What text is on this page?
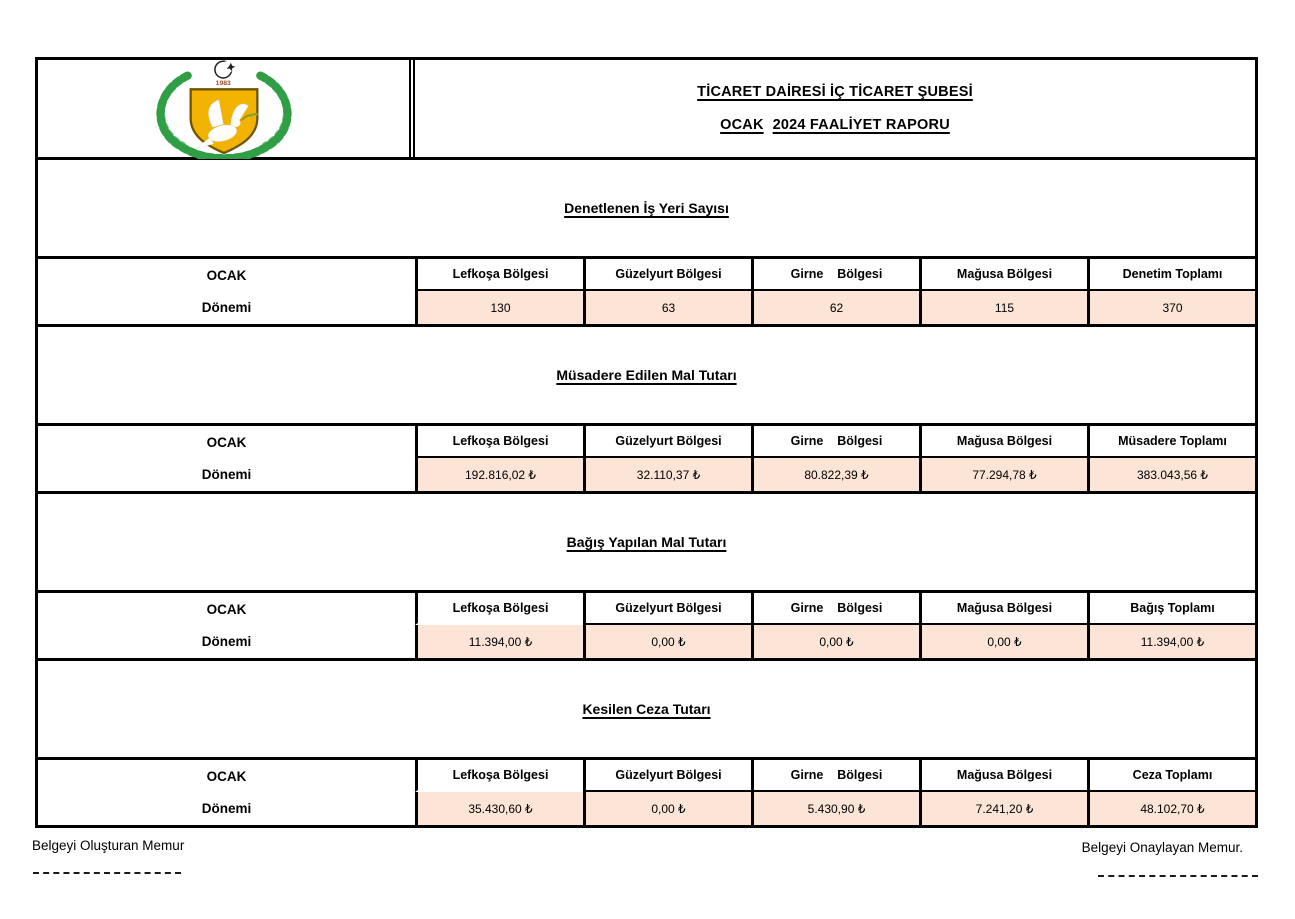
1983
TİCARET DAİRESİ İÇ TİCARET ŞUBESİ
OCAK 2024 FAALİYET RAPORU
Denetlenen İş Yeri Sayısı
OCAK
Dönemi
Lefkoşa Bölgesi	Güzelyurt Bölgesi	Girne    Bölgesi	Mağusa Bölgesi	Denetim Toplamı
130	63	62	115	370
Müsadere Edilen Mal Tutarı
OCAK
Dönemi
Lefkoşa Bölgesi	Güzelyurt Bölgesi	Girne    Bölgesi	Mağusa Bölgesi	Müsadere Toplamı
192.816,02 ₺	32.110,37 ₺	80.822,39 ₺	77.294,78 ₺	383.043,56 ₺
Bağış Yapılan Mal Tutarı
OCAK
Dönemi
Lefkoşa Bölgesi	Güzelyurt Bölgesi	Girne    Bölgesi	Mağusa Bölgesi	Bağış Toplamı
11.394,00 ₺	0,00 ₺	0,00 ₺	0,00 ₺	11.394,00 ₺
Kesilen Ceza Tutarı
OCAK
Dönemi
Lefkoşa Bölgesi	Güzelyurt Bölgesi	Girne    Bölgesi	Mağusa Bölgesi	Ceza Toplamı
35.430,60 ₺	0,00 ₺	5.430,90 ₺	7.241,20 ₺	48.102,70 ₺
Belgeyi Oluşturan Memur	Belgeyi Onaylayan Memur.
